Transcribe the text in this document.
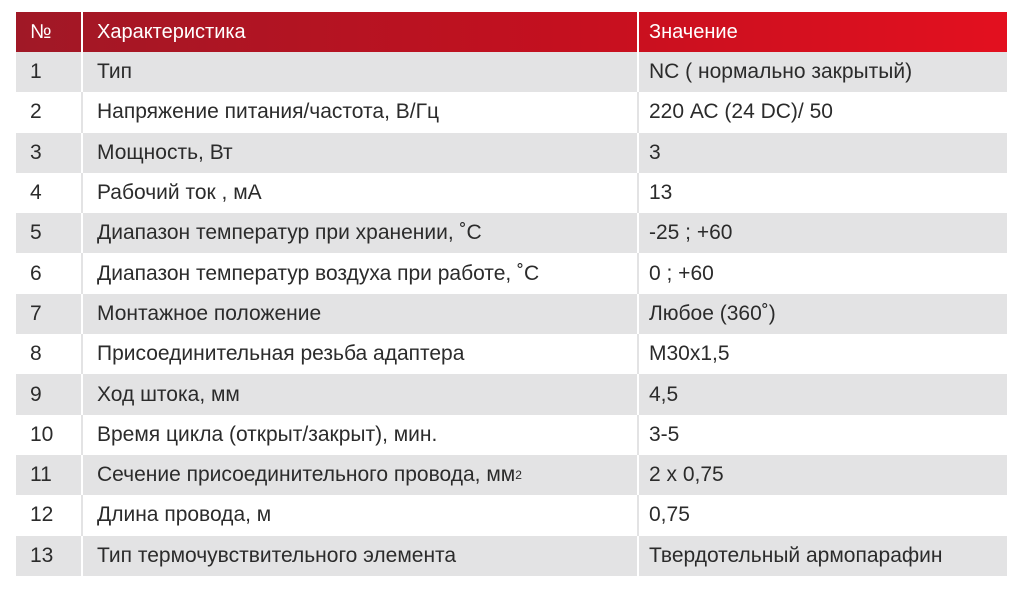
№	Характеристика	Значение
1	Тип	NC ( нормально закрытый)
2	Напряжение питания/частота, В/Гц	220 АС (24 DC)/ 50
3	Мощность, Вт	3
4	Рабочий ток , мА	13
5	Диапазон температур при хранении, ˚С	-25 ; +60
6	Диапазон температур воздуха при работе, ˚С	0 ; +60
7	Монтажное положение	Любое (360˚)
8	Присоединительная резьба адаптера	М30х1,5
9	Ход штока, мм	4,5
10	Время цикла (открыт/закрыт), мин.	3-5
11	Сечение присоединительного провода, мм 2	2 х 0,75
12	Длина провода, м	0,75
13	Тип термочувствительного элемента	Твердотельный армопарафин
